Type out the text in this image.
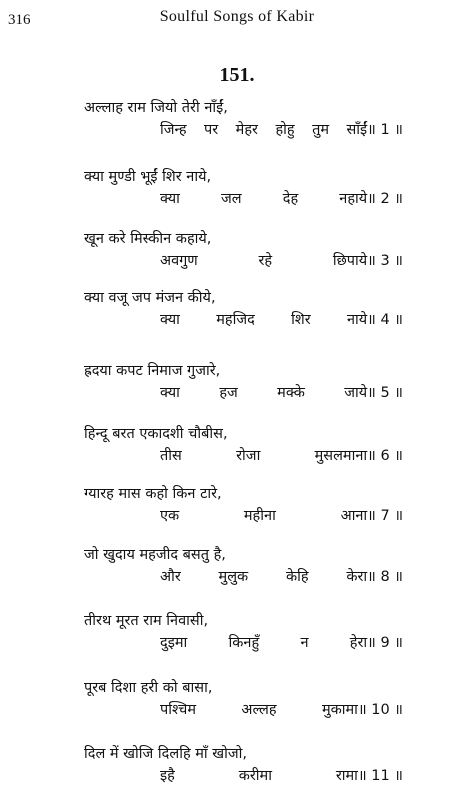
316	Soulful Songs of Kabir
151.
अल्लाह राम जियो तेरी नाँईं,
जिन्ह पर मेहर होहु तुम साँईं॥ 1 ॥
क्या मुण्डी भूईं शिर नाये,
क्या	जल	देह	नहाये॥ 2 ॥
खून करे मिस्कीन कहाये,
अवगुण	रहे	छिपाये॥ 3 ॥
क्या वजू जप मंजन कीये,
क्या	महजिद	शिर	नाये॥ 4 ॥
ह्रदया कपट निमाज गुजारे,
क्या	हज	मक्के	जाये॥ 5 ॥
हिन्दू बरत एकादशी चौबीस,
तीस	रोजा	मुसलमाना॥ 6 ॥
ग्यारह मास कहो किन टारे,
एक	महीना	आना॥ 7 ॥
जो खुदाय महजीद बसतु है,
और	मुलुक	केहि	केरा॥ 8 ॥
तीरथ मूरत राम निवासी,
दुइमा	किनहुँ	न	हेरा॥ 9 ॥
पूरब दिशा हरी को बासा,
पश्चिम	अल्लह	मुकामा॥ 10 ॥
दिल में खोजि दिलहि माँ खोजो,
इहै	करीमा	रामा॥ 11 ॥
